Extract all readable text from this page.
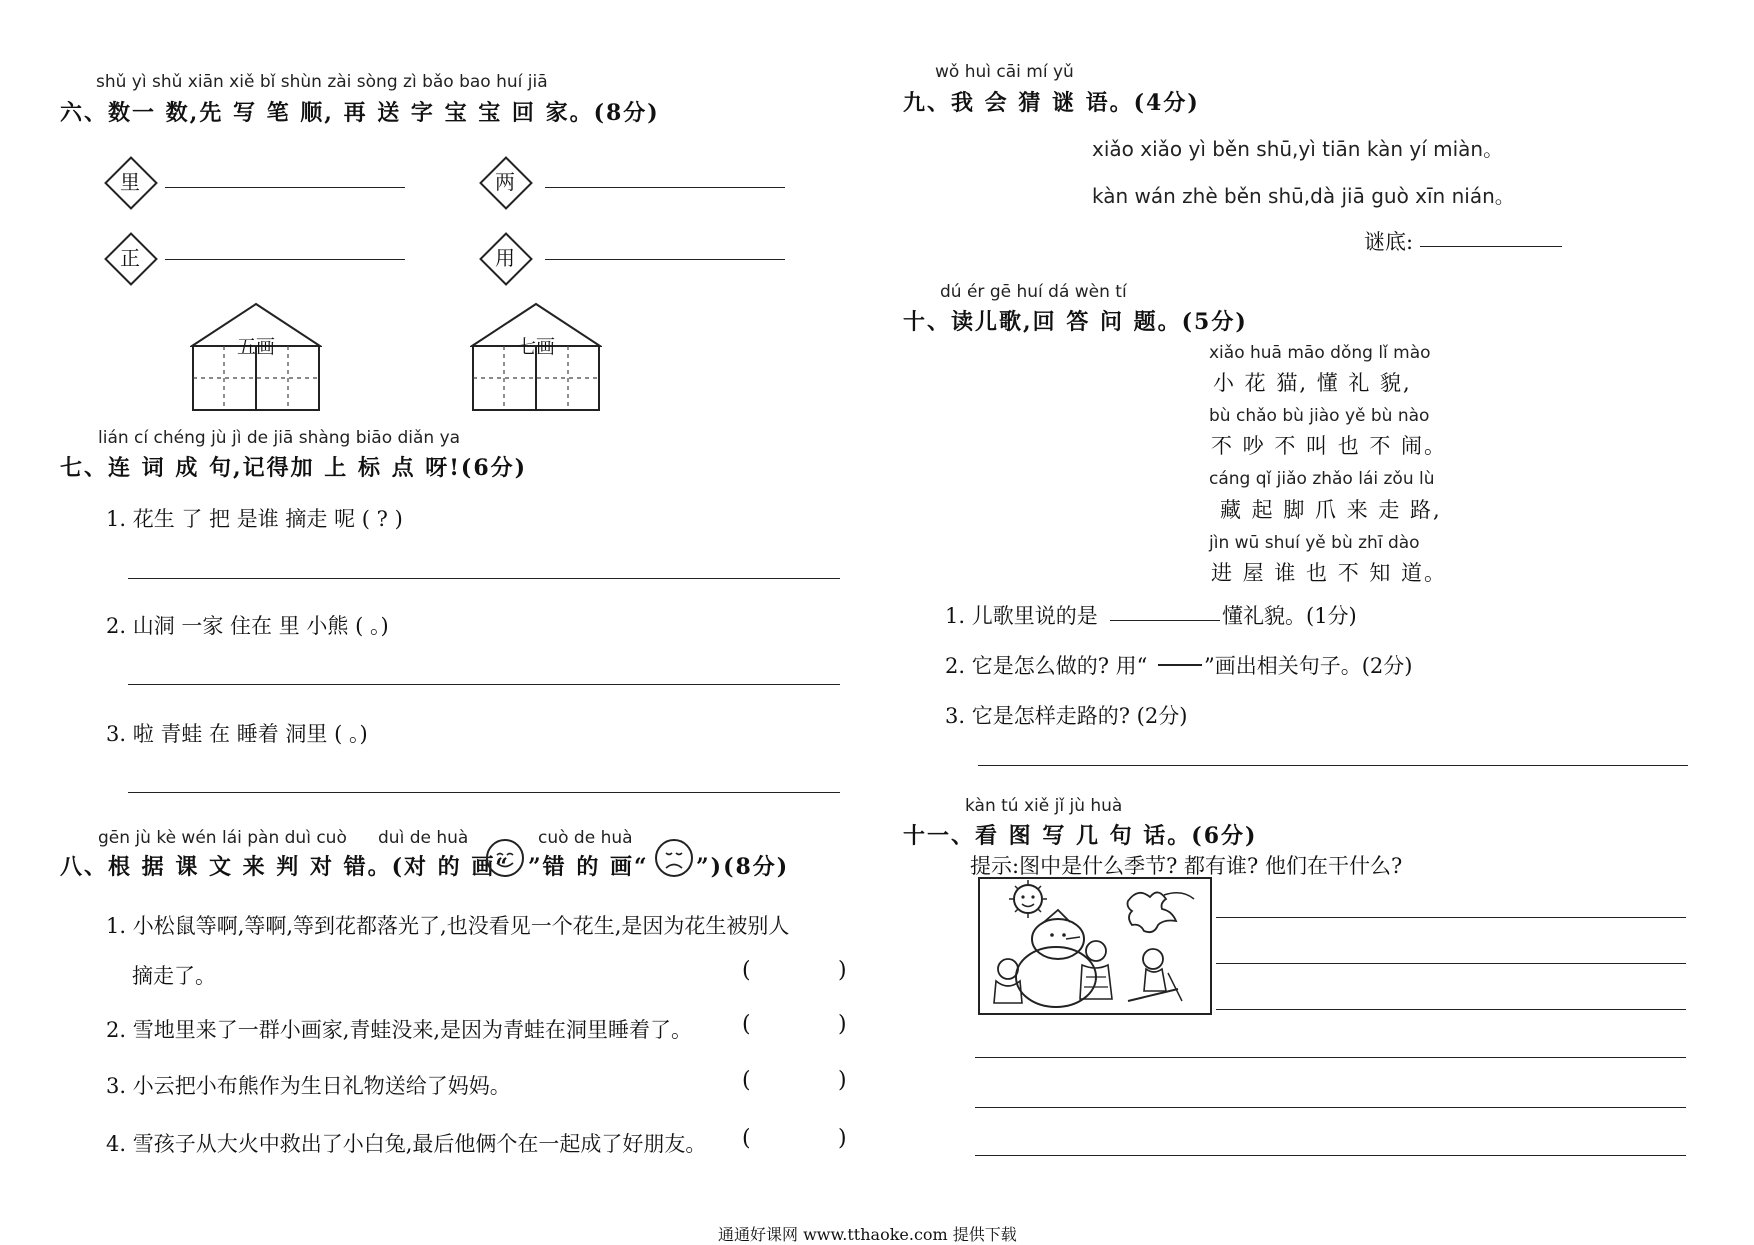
shǔ yì shǔ xiān xiě bǐ shùn zài sòng zì bǎo bao huí jiā
六、数一 数,先 写 笔 顺, 再 送 字 宝 宝 回 家。(8分)
里	两
正	用
五画	七画
lián cí chéng jù jì de jiā shàng biāo diǎn ya
七、连 词 成 句,记得加 上 标 点 呀!(6分)
1. 花生 了 把 是谁 摘走 呢 ( ? )
2. 山洞 一家 住在 里 小熊 ( 。)
3. 啦 青蛙 在 睡着 洞里 ( 。)
gēn jù kè wén lái pàn duì cuò duì de huà	cuò de huà
八、根 据 课 文 来 判 对 错。(对 的 画“ ”错 的 画“ ”)(8分)
1. 小松鼠等啊,等啊,等到花都落光了,也没看见一个花生,是因为花生被别人
摘走了。	(	)
2. 雪地里来了一群小画家,青蛙没来,是因为青蛙在洞里睡着了。 (	)
3. 小云把小布熊作为生日礼物送给了妈妈。	(	)
4. 雪孩子从大火中救出了小白兔,最后他俩个在一起成了好朋友。 (	)
wǒ huì cāi mí yǔ
九、我 会 猜 谜 语。(4分)
xiǎo xiǎo yì běn shū,yì tiān kàn yí miàn。
kàn wán zhè běn shū,dà jiā guò xīn nián。
谜底:
dú ér gē huí dá wèn tí
十、读儿歌,回 答 问 题。(5分)
xiǎo huā māo dǒng lǐ mào
小 花 猫, 懂 礼 貌,
bù chǎo bù jiào yě bù nào
不 吵 不 叫 也 不 闹。
cáng qǐ jiǎo zhǎo lái zǒu lù
藏 起 脚 爪 来 走 路,
jìn wū shuí yě bù zhī dào
进 屋 谁 也 不 知 道。
1. 儿歌里说的是	懂礼貌。(1分)
2. 它是怎么做的? 用“	”画出相关句子。(2分)
3. 它是怎样走路的? (2分)
kàn tú xiě jǐ jù huà
十一、看 图 写 几 句 话。(6分)
提示:图中是什么季节? 都有谁? 他们在干什么?
通通好课网 www.tthaoke.com 提供下载
